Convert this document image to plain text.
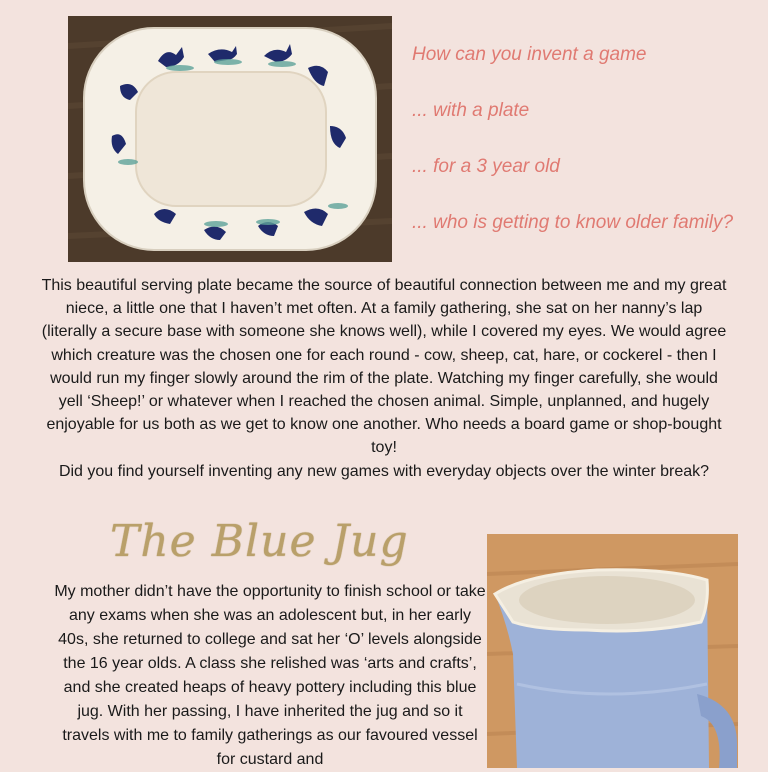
How can you invent a game

... with a plate

... for a 3 year old

... who is getting to know older family?

This beautiful serving plate became the source of beautiful connection between me and my great niece, a little one that I haven’t met often. At a family gathering, she sat on her nanny’s lap (literally a secure base with someone she knows well), while I covered my eyes. We would agree which creature was the chosen one for each round - cow, sheep, cat, hare, or cockerel - then I would run my finger slowly around the rim of the plate. Watching my finger carefully, she would yell ‘Sheep!’ or whatever when I reached the chosen animal. Simple, unplanned, and hugely enjoyable for us both as we get to know one another. Who needs a board game or shop-bought toy!

Did you find yourself inventing any new games with everyday objects over the winter break?

The Blue Jug

My mother didn’t have the opportunity to finish school or take any exams when she was an adolescent but, in her early 40s, she returned to college and sat her ‘O’ levels alongside the 16 year olds. A class she relished was ‘arts and crafts’, and she created heaps of heavy pottery including this blue jug. With her passing, I have inherited the jug and so it travels with me to family gatherings as our favoured vessel for custard and
